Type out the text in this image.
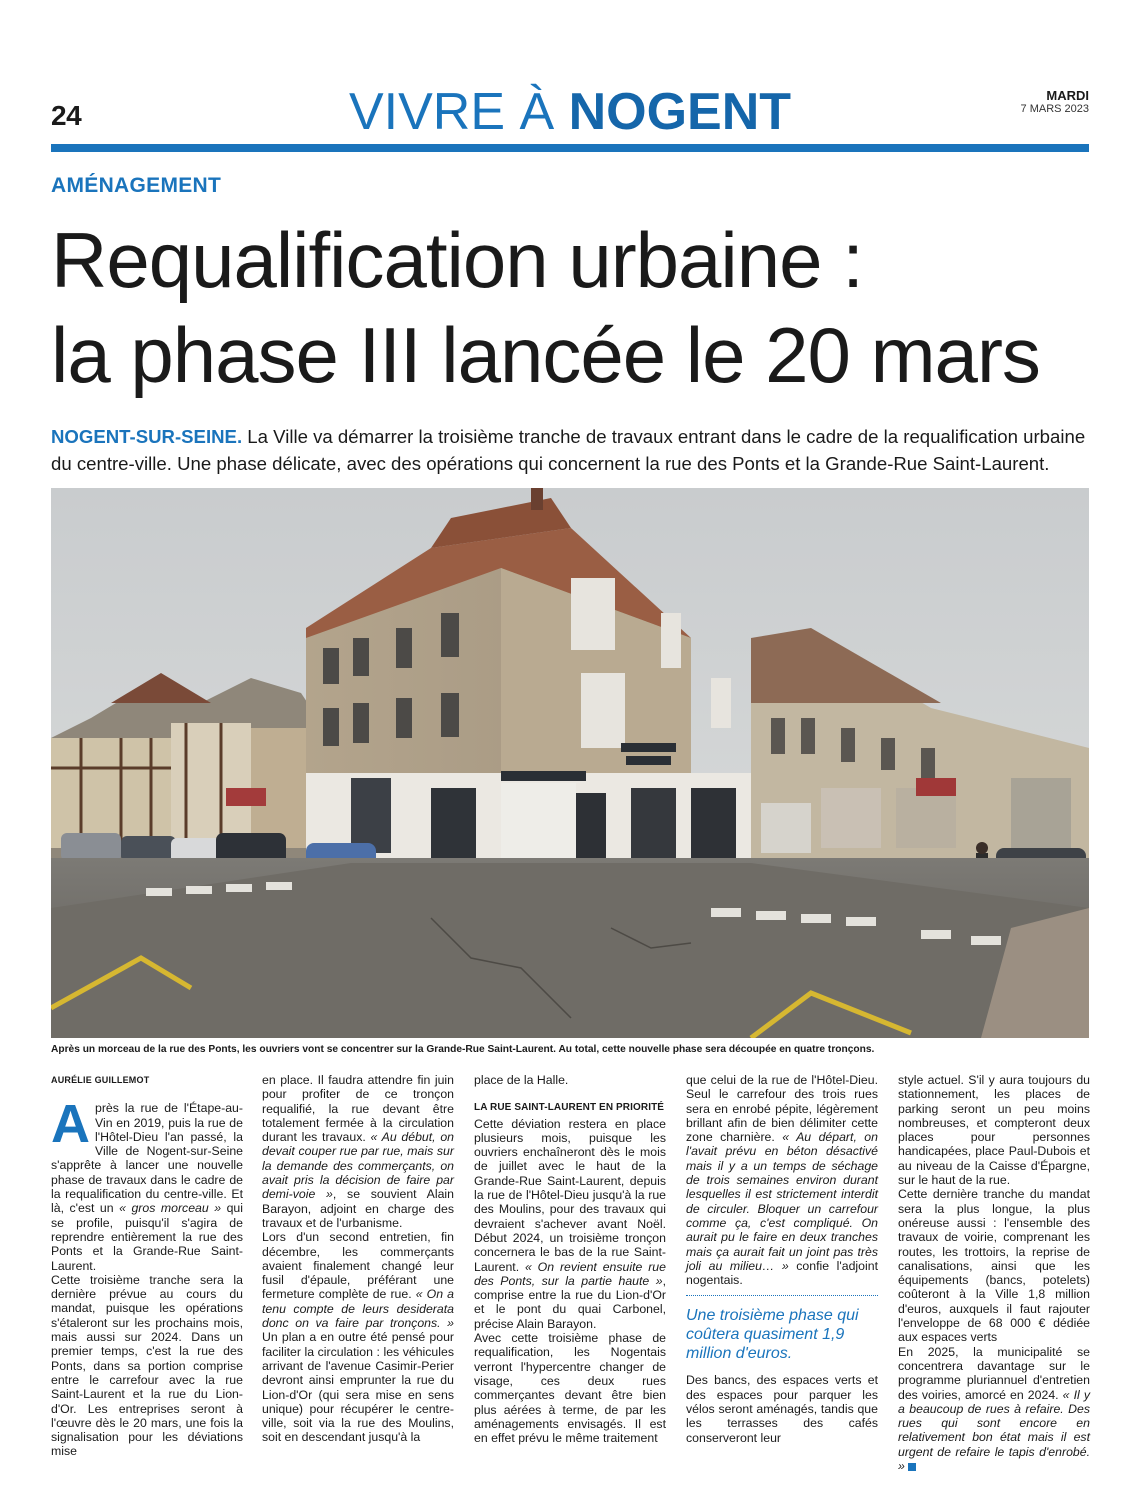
24	VIVRE À NOGENT	MARDI
7 MARS 2023
AMÉNAGEMENT
Requalification urbaine :
la phase III lancée le 20 mars
NOGENT-SUR-SEINE. La Ville va démarrer la troisième tranche de travaux entrant dans le cadre de la requalification urbaine du centre-ville. Une phase délicate, avec des opérations qui concernent la rue des Ponts et la Grande-Rue Saint-Laurent.
Après un morceau de la rue des Ponts, les ouvriers vont se concentrer sur la Grande-Rue Saint-Laurent. Au total, cette nouvelle phase sera découpée en quatre tronçons.

AURÉLIE GUILLEMOT

Après la rue de l'Étape-au-Vin en 2019, puis la rue de l'Hôtel-Dieu l'an passé, la Ville de Nogent-sur-Seine s'apprête à lancer une nouvelle phase de travaux dans le cadre de la requalification du centre-ville. Et là, c'est un « gros morceau » qui se profile, puisqu'il s'agira de reprendre entièrement la rue des Ponts et la Grande-Rue Saint-Laurent.

Cette troisième tranche sera la dernière prévue au cours du mandat, puisque les opérations s'étaleront sur les prochains mois, mais aussi sur 2024. Dans un premier temps, c'est la rue des Ponts, dans sa portion comprise entre le carrefour avec la rue Saint-Laurent et la rue du Lion-d'Or. Les entreprises seront à l'œuvre dès le 20 mars, une fois la signalisation pour les déviations mise

en place. Il faudra attendre fin juin pour profiter de ce tronçon requalifié, la rue devant être totalement fermée à la circulation durant les travaux. « Au début, on devait couper rue par rue, mais sur la demande des commerçants, on avait pris la décision de faire par demi-voie », se souvient Alain Barayon, adjoint en charge des travaux et de l'urbanisme.

Lors d'un second entretien, fin décembre, les commerçants avaient finalement changé leur fusil d'épaule, préférant une fermeture complète de rue. « On a tenu compte de leurs desiderata donc on va faire par tronçons. » Un plan a en outre été pensé pour faciliter la circulation : les véhicules arrivant de l'avenue Casimir-Perier devront ainsi emprunter la rue du Lion-d'Or (qui sera mise en sens unique) pour récupérer le centre-ville, soit via la rue des Moulins, soit en descendant jusqu'à la

place de la Halle.

LA RUE SAINT-LAURENT EN PRIORITÉ

Cette déviation restera en place plusieurs mois, puisque les ouvriers enchaîneront dès le mois de juillet avec le haut de la Grande-Rue Saint-Laurent, depuis la rue de l'Hôtel-Dieu jusqu'à la rue des Moulins, pour des travaux qui devraient s'achever avant Noël. Début 2024, un troisième tronçon concernera le bas de la rue Saint-Laurent. « On revient ensuite rue des Ponts, sur la partie haute », comprise entre la rue du Lion-d'Or et le pont du quai Carbonel, précise Alain Barayon.

Avec cette troisième phase de requalification, les Nogentais verront l'hypercentre changer de visage, ces deux rues commerçantes devant être bien plus aérées à terme, de par les aménagements envisagés. Il est en effet prévu le même traitement

que celui de la rue de l'Hôtel-Dieu. Seul le carrefour des trois rues sera en enrobé pépite, légèrement brillant afin de bien délimiter cette zone charnière. « Au départ, on l'avait prévu en béton désactivé mais il y a un temps de séchage de trois semaines environ durant lesquelles il est strictement interdit de circuler. Bloquer un carrefour comme ça, c'est compliqué. On aurait pu le faire en deux tranches mais ça aurait fait un joint pas très joli au milieu… » confie l'adjoint nogentais.

Une troisième phase qui coûtera quasiment 1,9 million d'euros.

Des bancs, des espaces verts et des espaces pour parquer les vélos seront aménagés, tandis que les terrasses des cafés conserveront leur

style actuel. S'il y aura toujours du stationnement, les places de parking seront un peu moins nombreuses, et compteront deux places pour personnes handicapées, place Paul-Dubois et au niveau de la Caisse d'Épargne, sur le haut de la rue.

Cette dernière tranche du mandat sera la plus longue, la plus onéreuse aussi : l'ensemble des travaux de voirie, comprenant les routes, les trottoirs, la reprise de canalisations, ainsi que les équipements (bancs, potelets) coûteront à la Ville 1,8 million d'euros, auxquels il faut rajouter l'enveloppe de 68 000 € dédiée aux espaces verts

En 2025, la municipalité se concentrera davantage sur le programme pluriannuel d'entretien des voiries, amorcé en 2024. « Il y a beaucoup de rues à refaire. Des rues qui sont encore en relativement bon état mais il est urgent de refaire le tapis d'enrobé. »
